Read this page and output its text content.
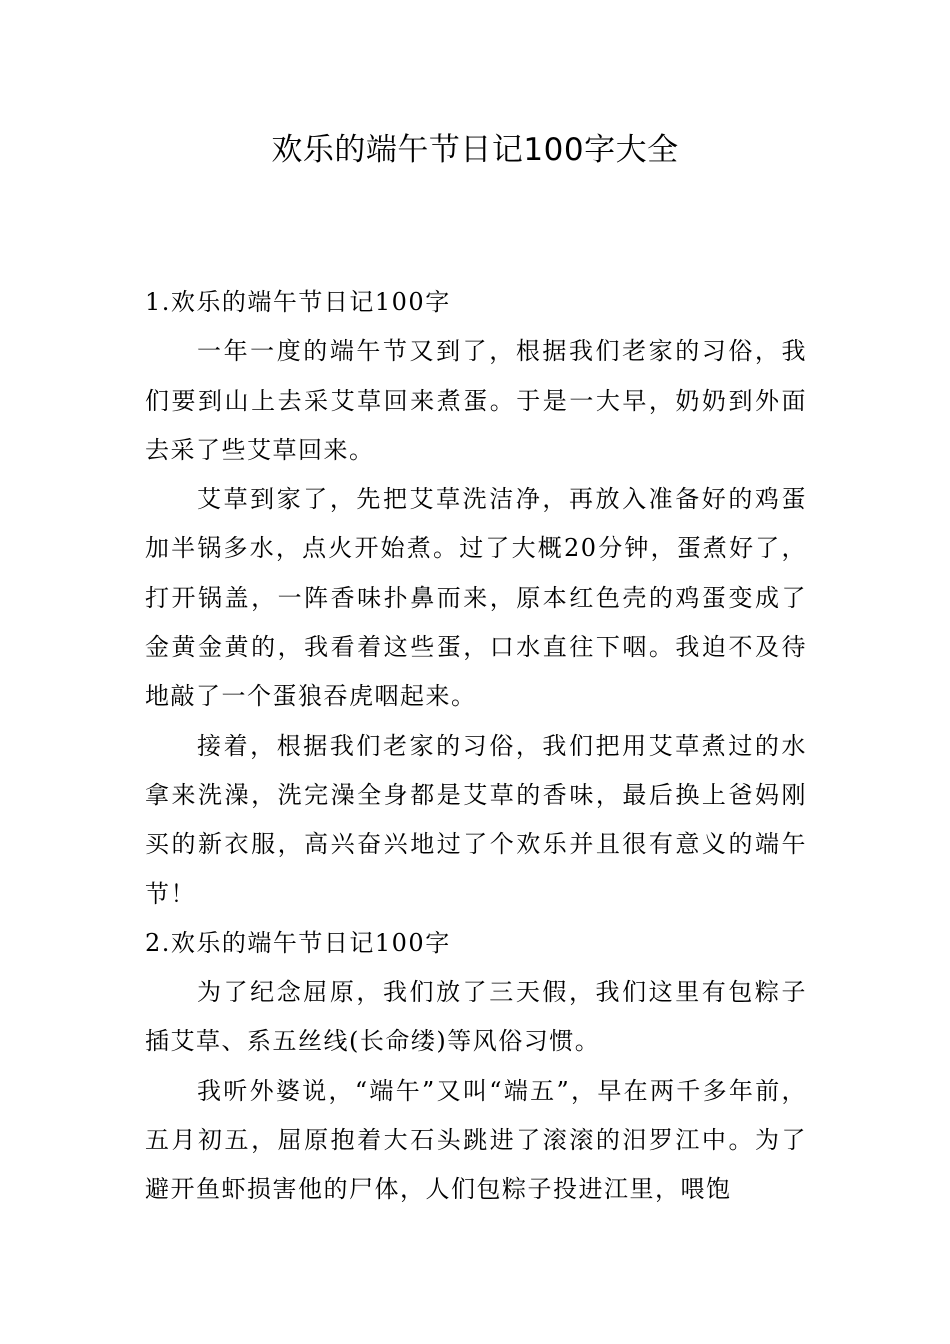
欢乐的端午节日记100字大全

1.欢乐的端午节日记100字

一年一度的端午节又到了，根据我们老家的习俗，我们要到山上去采艾草回来煮蛋。于是一大早，奶奶到外面去采了些艾草回来。

艾草到家了，先把艾草洗洁净，再放入准备好的鸡蛋加半锅多水，点火开始煮。过了大概20分钟，蛋煮好了，打开锅盖，一阵香味扑鼻而来，原本红色壳的鸡蛋变成了金黄金黄的，我看着这些蛋，口水直往下咽。我迫不及待地敲了一个蛋狼吞虎咽起来。

接着，根据我们老家的习俗，我们把用艾草煮过的水拿来洗澡，洗完澡全身都是艾草的香味，最后换上爸妈刚买的新衣服，高兴奋兴地过了个欢乐并且很有意义的端午节！

2.欢乐的端午节日记100字

为了纪念屈原，我们放了三天假，我们这里有包粽子插艾草、系五丝线(长命缕)等风俗习惯。

我听外婆说，“端午”又叫“端五”，早在两千多年前，五月初五，屈原抱着大石头跳进了滚滚的汨罗江中。为了避开鱼虾损害他的尸体，人们包粽子投进江里，喂饱
